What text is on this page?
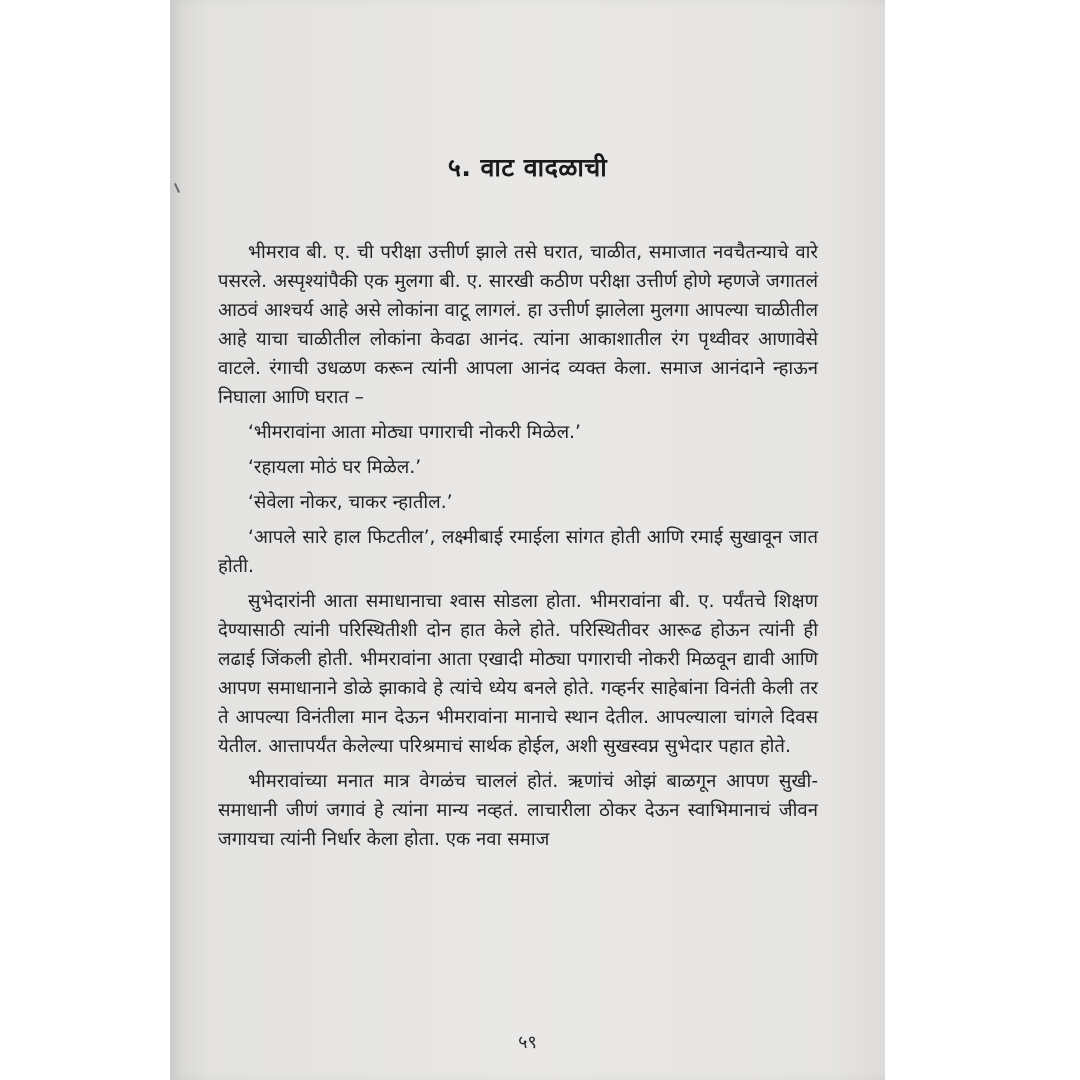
५. वाट वादळाची

भीमराव बी. ए. ची परीक्षा उत्तीर्ण झाले तसे घरात, चाळीत, समाजात नवचैतन्याचे वारे पसरले. अस्पृश्यांपैकी एक मुलगा बी. ए. सारखी कठीण परीक्षा उत्तीर्ण होणे म्हणजे जगातलं आठवं आश्चर्य आहे असे लोकांना वाटू लागलं. हा उत्तीर्ण झालेला मुलगा आपल्या चाळीतील आहे याचा चाळीतील लोकांना केवढा आनंद. त्यांना आकाशातील रंग पृथ्वीवर आणावेसे वाटले. रंगाची उधळण करून त्यांनी आपला आनंद व्यक्त केला. समाज आनंदाने न्हाऊन निघाला आणि घरात –

‘भीमरावांना आता मोठ्या पगाराची नोकरी मिळेल.’

‘रहायला मोठं घर मिळेल.’

‘सेवेला नोकर, चाकर न्हातील.’

‘आपले सारे हाल फिटतील’, लक्ष्मीबाई रमाईला सांगत होती आणि रमाई सुखावून जात होती.

सुभेदारांनी आता समाधानाचा श्वास सोडला होता. भीमरावांना बी. ए. पर्यंतचे शिक्षण देण्यासाठी त्यांनी परिस्थितीशी दोन हात केले होते. परिस्थितीवर आरूढ होऊन त्यांनी ही लढाई जिंकली होती. भीमरावांना आता एखादी मोठ्या पगाराची नोकरी मिळवून द्यावी आणि आपण समाधानाने डोळे झाकावे हे त्यांचे ध्येय बनले होते. गव्हर्नर साहेबांना विनंती केली तर ते आपल्या विनंतीला मान देऊन भीमरावांना मानाचे स्थान देतील. आपल्याला चांगले दिवस येतील. आत्तापर्यंत केलेल्या परिश्रमाचं सार्थक होईल, अशी सुखस्वप्न सुभेदार पहात होते.

भीमरावांच्या मनात मात्र वेगळंच चाललं होतं. ऋणांचं ओझं बाळगून आपण सुखी-समाधानी जीणं जगावं हे त्यांना मान्य नव्हतं. लाचारीला ठोकर देऊन स्वाभिमानाचं जीवन जगायचा त्यांनी निर्धार केला होता. एक नवा समाज

५९
